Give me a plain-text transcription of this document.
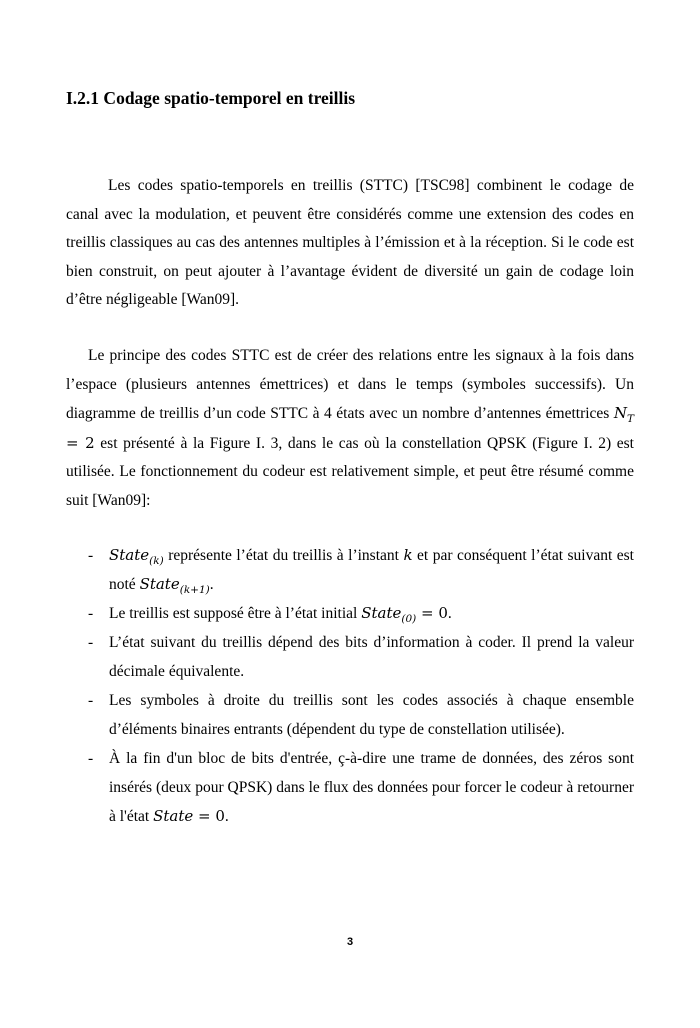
I.2.1 Codage spatio-temporel en treillis

Les codes spatio-temporels en treillis (STTC) [TSC98] combinent le codage de canal avec la modulation, et peuvent être considérés comme une extension des codes en treillis classiques au cas des antennes multiples à l’émission et à la réception. Si le code est bien construit, on peut ajouter à l’avantage évident de diversité un gain de codage loin d’être négligeable [Wan09].

Le principe des codes STTC est de créer des relations entre les signaux à la fois dans l’espace (plusieurs antennes émettrices) et dans le temps (symboles successifs). Un diagramme de treillis d’un code STTC à 4 états avec un nombre d’antennes émettrices $N_T = 2$ est présenté à la Figure I. 3, dans le cas où la constellation QPSK (Figure I. 2) est utilisée. Le fonctionnement du codeur est relativement simple, et peut être résumé comme suit [Wan09]:

- State$_{(k)}$ représente l’état du treillis à l’instant k et par conséquent l’état suivant est noté State$_{(k+1)}$.
- Le treillis est supposé être à l’état initial State$_{(0)}$ = 0.
- L’état suivant du treillis dépend des bits d’information à coder. Il prend la valeur décimale équivalente.
- Les symboles à droite du treillis sont les codes associés à chaque ensemble d’éléments binaires entrants (dépendent du type de constellation utilisée).
- À la fin d'un bloc de bits d'entrée, ç-à-dire une trame de données, des zéros sont insérés (deux pour QPSK) dans le flux des données pour forcer le codeur à retourner à l'état State = 0.
3
